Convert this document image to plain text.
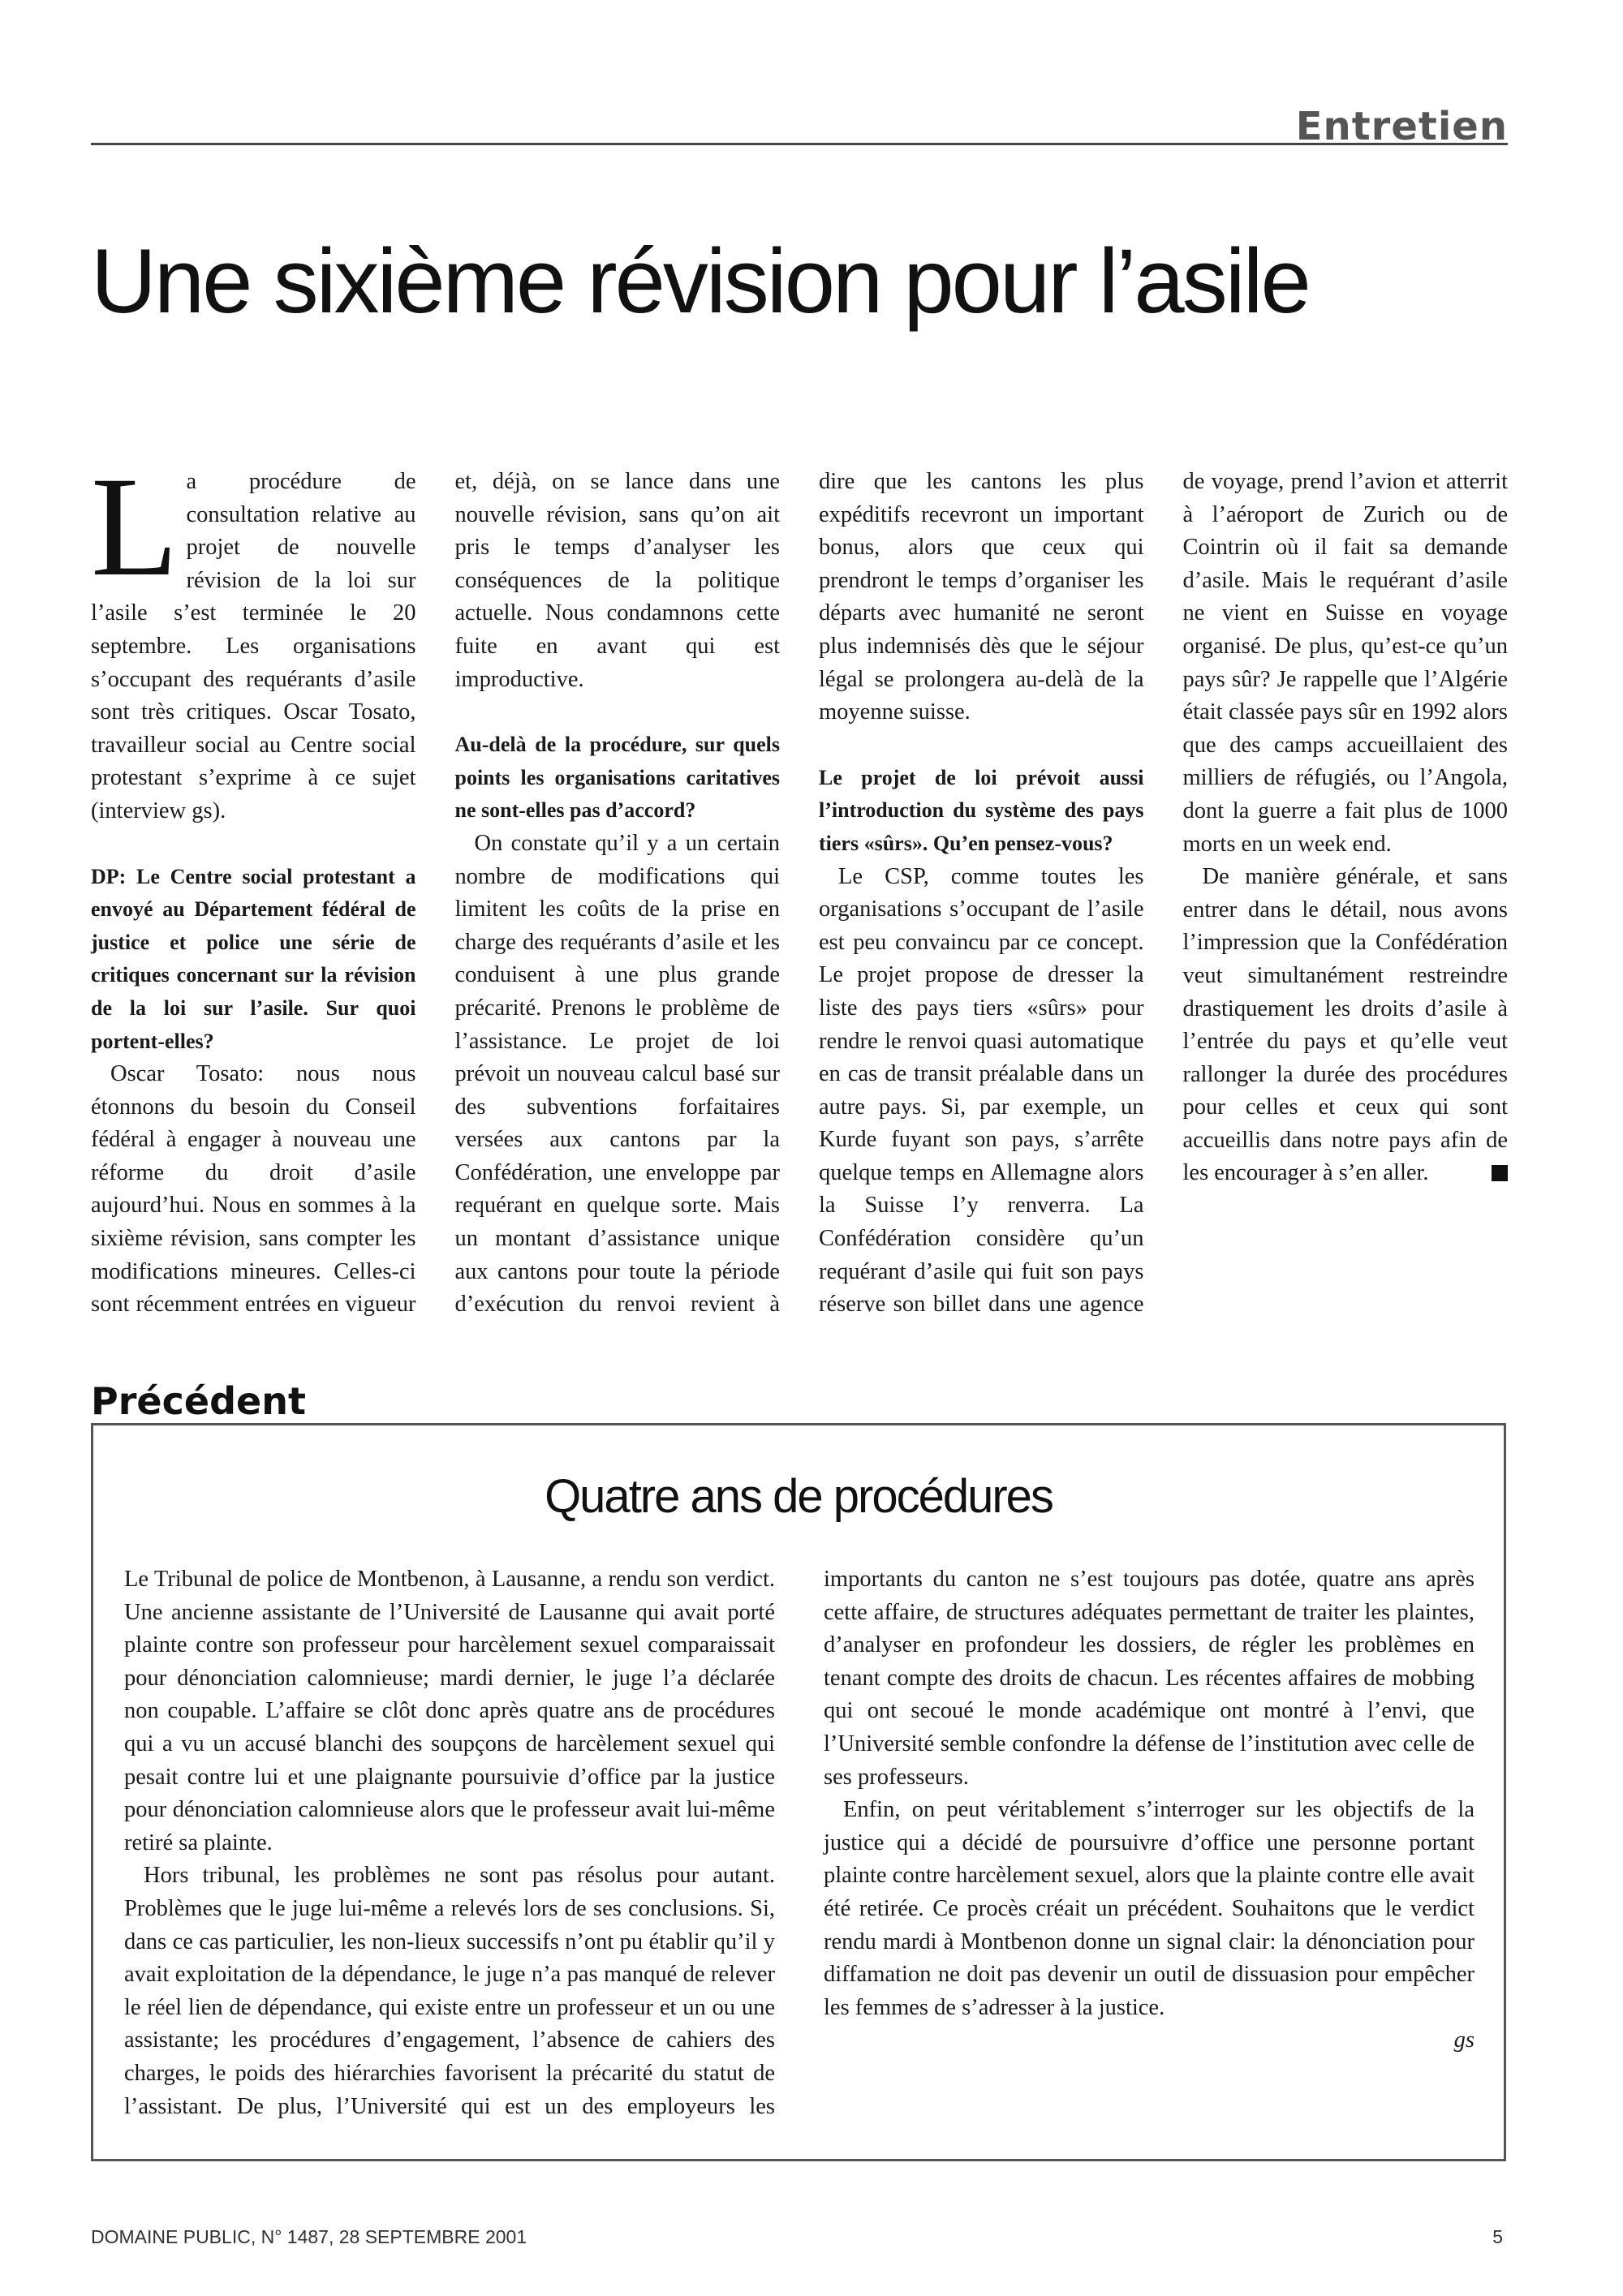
Entretien
Une sixième révision pour l’asile

La procédure de consultation relative au projet de nouvelle révision de la loi sur l’asile s’est terminée le 20 septembre. Les organisations s’occupant des requérants d’asile sont très critiques. Oscar Tosato, travailleur social au Centre social protestant s’exprime à ce sujet (interview gs).

DP: Le Centre social protestant a envoyé au Département fédéral de justice et police une série de critiques concernant sur la révision de la loi sur l’asile. Sur quoi portent-elles?

Oscar Tosato: nous nous étonnons du besoin du Conseil fédéral à engager à nouveau une réforme du droit d’asile aujourd’hui. Nous en sommes à la sixième révision, sans compter les modifications mineures. Celles-ci sont récemment entrées en vigueur et, déjà, on se lance dans une nouvelle révision, sans qu’on ait pris le temps d’analyser les conséquences de la politique actuelle. Nous condamnons cette fuite en avant qui est improductive.

Au-delà de la procédure, sur quels points les organisations caritatives ne sont-elles pas d’accord?

On constate qu’il y a un certain nombre de modifications qui limitent les coûts de la prise en charge des requérants d’asile et les conduisent à une plus grande précarité. Prenons le problème de l’assistance. Le projet de loi prévoit un nouveau calcul basé sur des subventions forfaitaires versées aux cantons par la Confédération, une enveloppe par requérant en quelque sorte. Mais un montant d’assistance unique aux cantons pour toute la période d’exécution du renvoi revient à dire que les cantons les plus expéditifs recevront un important bonus, alors que ceux qui prendront le temps d’organiser les départs avec humanité ne seront plus indemnisés dès que le séjour légal se prolongera au-delà de la moyenne suisse.

Le projet de loi prévoit aussi l’introduction du système des pays tiers «sûrs». Qu’en pensez-vous?

Le CSP, comme toutes les organisations s’occupant de l’asile est peu convaincu par ce concept. Le projet propose de dresser la liste des pays tiers «sûrs» pour rendre le renvoi quasi automatique en cas de transit préalable dans un autre pays. Si, par exemple, un Kurde fuyant son pays, s’arrête quelque temps en Allemagne alors la Suisse l’y renverra. La Confédération considère qu’un requérant d’asile qui fuit son pays réserve son billet dans une agence de voyage, prend l’avion et atterrit à l’aéroport de Zurich ou de Cointrin où il fait sa demande d’asile. Mais le requérant d’asile ne vient en Suisse en voyage organisé. De plus, qu’est-ce qu’un pays sûr? Je rappelle que l’Algérie était classée pays sûr en 1992 alors que des camps accueillaient des milliers de réfugiés, ou l’Angola, dont la guerre a fait plus de 1000 morts en un week end.

De manière générale, et sans entrer dans le détail, nous avons l’impression que la Confédération veut simultanément restreindre drastiquement les droits d’asile à l’entrée du pays et qu’elle veut rallonger la durée des procédures pour celles et ceux qui sont accueillis dans notre pays afin de les encourager à s’en aller.

Précédent
Quatre ans de procédures

Le Tribunal de police de Montbenon, à Lausanne, a rendu son verdict. Une ancienne assistante de l’Université de Lausanne qui avait porté plainte contre son professeur pour harcèlement sexuel comparaissait pour dénonciation calomnieuse; mardi dernier, le juge l’a déclarée non coupable. L’affaire se clôt donc après quatre ans de procédures qui a vu un accusé blanchi des soupçons de harcèlement sexuel qui pesait contre lui et une plaignante poursuivie d’office par la justice pour dénonciation calomnieuse alors que le professeur avait lui-même retiré sa plainte.

Hors tribunal, les problèmes ne sont pas résolus pour autant. Problèmes que le juge lui-même a relevés lors de ses conclusions. Si, dans ce cas particulier, les non-lieux successifs n’ont pu établir qu’il y avait exploitation de la dépendance, le juge n’a pas manqué de relever le réel lien de dépendance, qui existe entre un professeur et un ou une assistante; les procédures d’engagement, l’absence de cahiers des charges, le poids des hiérarchies favorisent la précarité du statut de l’assistant. De plus, l’Université qui est un des employeurs les importants du canton ne s’est toujours pas dotée, quatre ans après cette affaire, de structures adéquates permettant de traiter les plaintes, d’analyser en profondeur les dossiers, de régler les problèmes en tenant compte des droits de chacun. Les récentes affaires de mobbing qui ont secoué le monde académique ont montré à l’envi, que l’Université semble confondre la défense de l’institution avec celle de ses professeurs.

Enfin, on peut véritablement s’interroger sur les objectifs de la justice qui a décidé de poursuivre d’office une personne portant plainte contre harcèlement sexuel, alors que la plainte contre elle avait été retirée. Ce procès créait un précédent. Souhaitons que le verdict rendu mardi à Montbenon donne un signal clair: la dénonciation pour diffamation ne doit pas devenir un outil de dissuasion pour empêcher les femmes de s’adresser à la justice.

gs
DOMAINE PUBLIC, N° 1487, 28 SEPTEMBRE 2001	5
